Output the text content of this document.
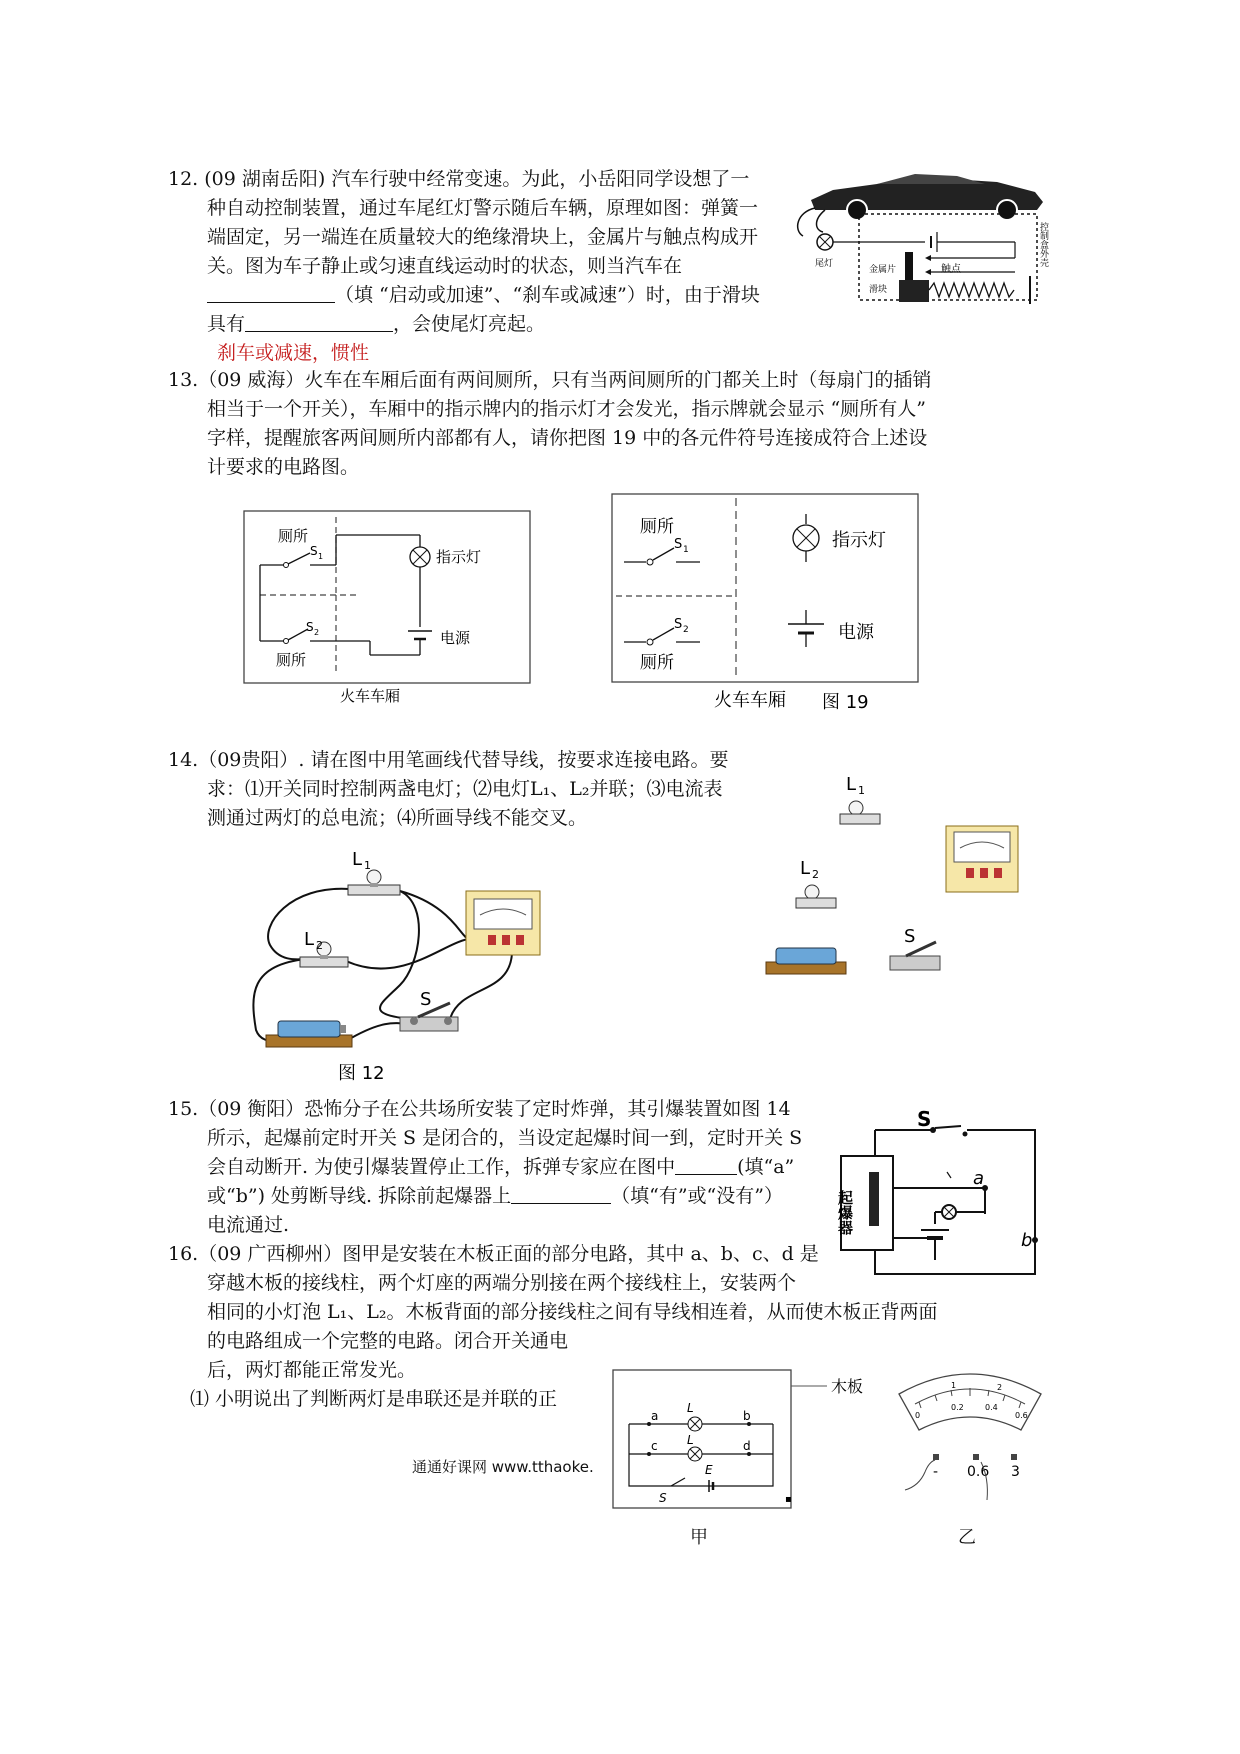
12. (09 湖南岳阳) 汽车行驶中经常变速。为此，小岳阳同学设想了一
种自动控制装置，通过车尾红灯警示随后车辆，原理如图：弹簧一
端固定，另一端连在质量较大的绝缘滑块上，金属片与触点构成开
关。图为车子静止或匀速直线运动时的状态，则当汽车在
（填 “启动或加速”、“刹车或减速”）时，由于滑块
具有	，会使尾灯亮起。
刹车或减速，惯性
尾灯
金属片	触点
滑块
控制盒外壳
13.（09 威海）火车在车厢后面有两间厕所，只有当两间厕所的门都关上时（每扇门的插销
相当于一个开关），车厢中的指示牌内的指示灯才会发光，指示牌就会显示 “厕所有人”
字样，提醒旅客两间厕所内部都有人，请你把图 19 中的各元件符号连接成符合上述设
计要求的电路图。
厕所
S 1
S 2
厕所
指示灯
电源
火车车厢
厕所
S 1
S 2
厕所
指示灯
电源
火车车厢 图 19
14.（09贵阳）. 请在图中用笔画线代替导线，按要求连接电路。要
求：⑴开关同时控制两盏电灯；⑵电灯L₁、L₂并联；⑶电流表
测通过两灯的总电流；⑷所画导线不能交叉。
L 1
L 2
S
图 12
L 1
L 2
S
15.（09 衡阳）恐怖分子在公共场所安装了定时炸弹，其引爆装置如图 14
所示，起爆前定时开关 S 是闭合的，当设定起爆时间一到，定时开关 S
会自动断开. 为使引爆装置停止工作，拆弹专家应在图中	(填“a”
或“b”) 处剪断导线. 拆除前起爆器上	（填“有”或“没有”）
电流通过.
S
a
b
起爆器
16.（09 广西柳州）图甲是安装在木板正面的部分电路，其中 a、b、c、d 是
穿越木板的接线柱，两个灯座的两端分别接在两个接线柱上，安装两个
相同的小灯泡 L₁、L₂。木板背面的部分接线柱之间有导线相连着，从而使木板正背两面
的电路组成一个完整的电路。闭合开关通电
后，两灯都能正常发光。
⑴ 小明说出了判断两灯是串联还是并联的正
木板
L
L
E
S
a	b
c	d
▪
甲
0
0.2	0.4
0.6
1	2
- 0.6 3
乙
通通好课网 www.tthaoke.
